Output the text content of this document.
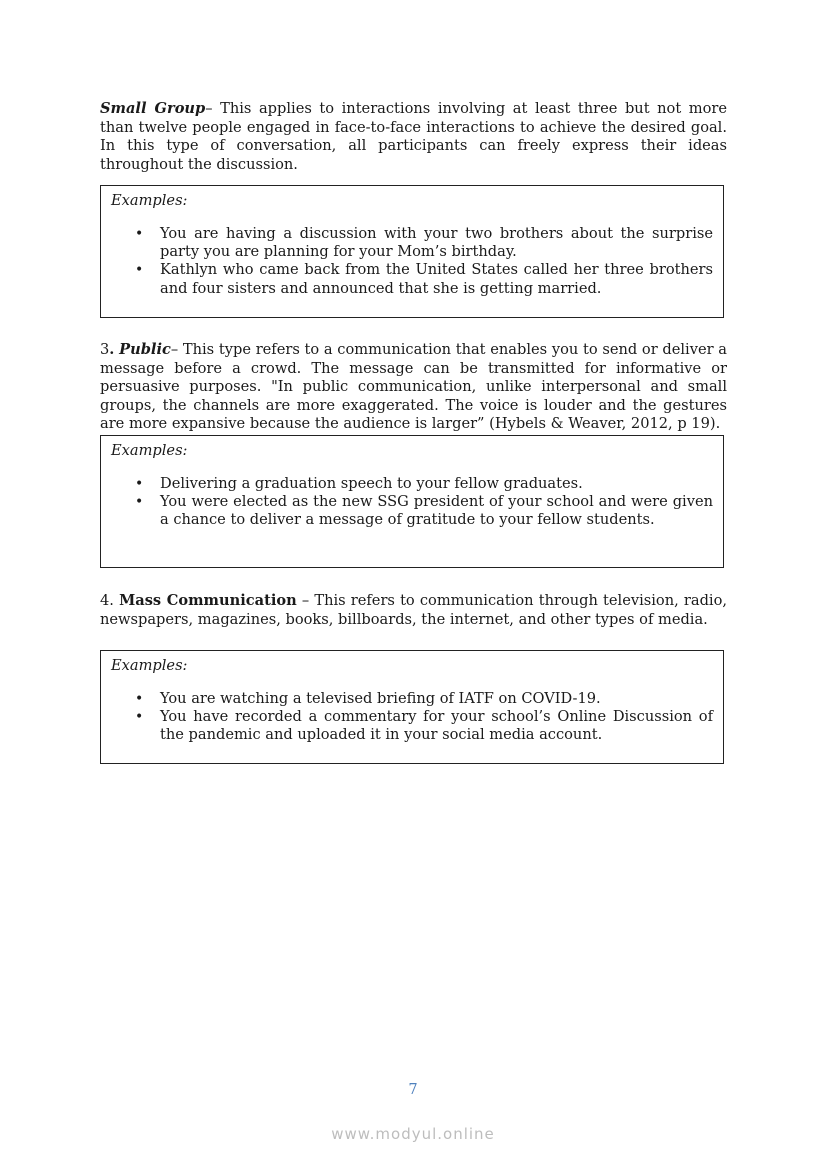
Small Group– This applies to interactions involving at least three but not more than twelve people engaged in face-to-face interactions to achieve the desired goal. In this type of conversation, all participants can freely express their ideas throughout the discussion.

Examples:
• You are having a discussion with your two brothers about the surprise party you are planning for your Mom’s birthday.
• Kathlyn who came back from the United States called her three brothers and four sisters and announced that she is getting married.

3. Public– This type refers to a communication that enables you to send or deliver a message before a crowd. The message can be transmitted for informative or persuasive purposes. "In public communication, unlike interpersonal and small groups, the channels are more exaggerated. The voice is louder and the gestures are more expansive because the audience is larger” (Hybels & Weaver, 2012, p 19).

Examples:
• Delivering a graduation speech to your fellow graduates.
• You were elected as the new SSG president of your school and were given a chance to deliver a message of gratitude to your fellow students.

4. Mass Communication – This refers to communication through television, radio, newspapers, magazines, books, billboards, the internet, and other types of media.

Examples:
• You are watching a televised briefing of IATF on COVID-19.
• You have recorded a commentary for your school’s Online Discussion of the pandemic and uploaded it in your social media account.
7
www.modyul.online
